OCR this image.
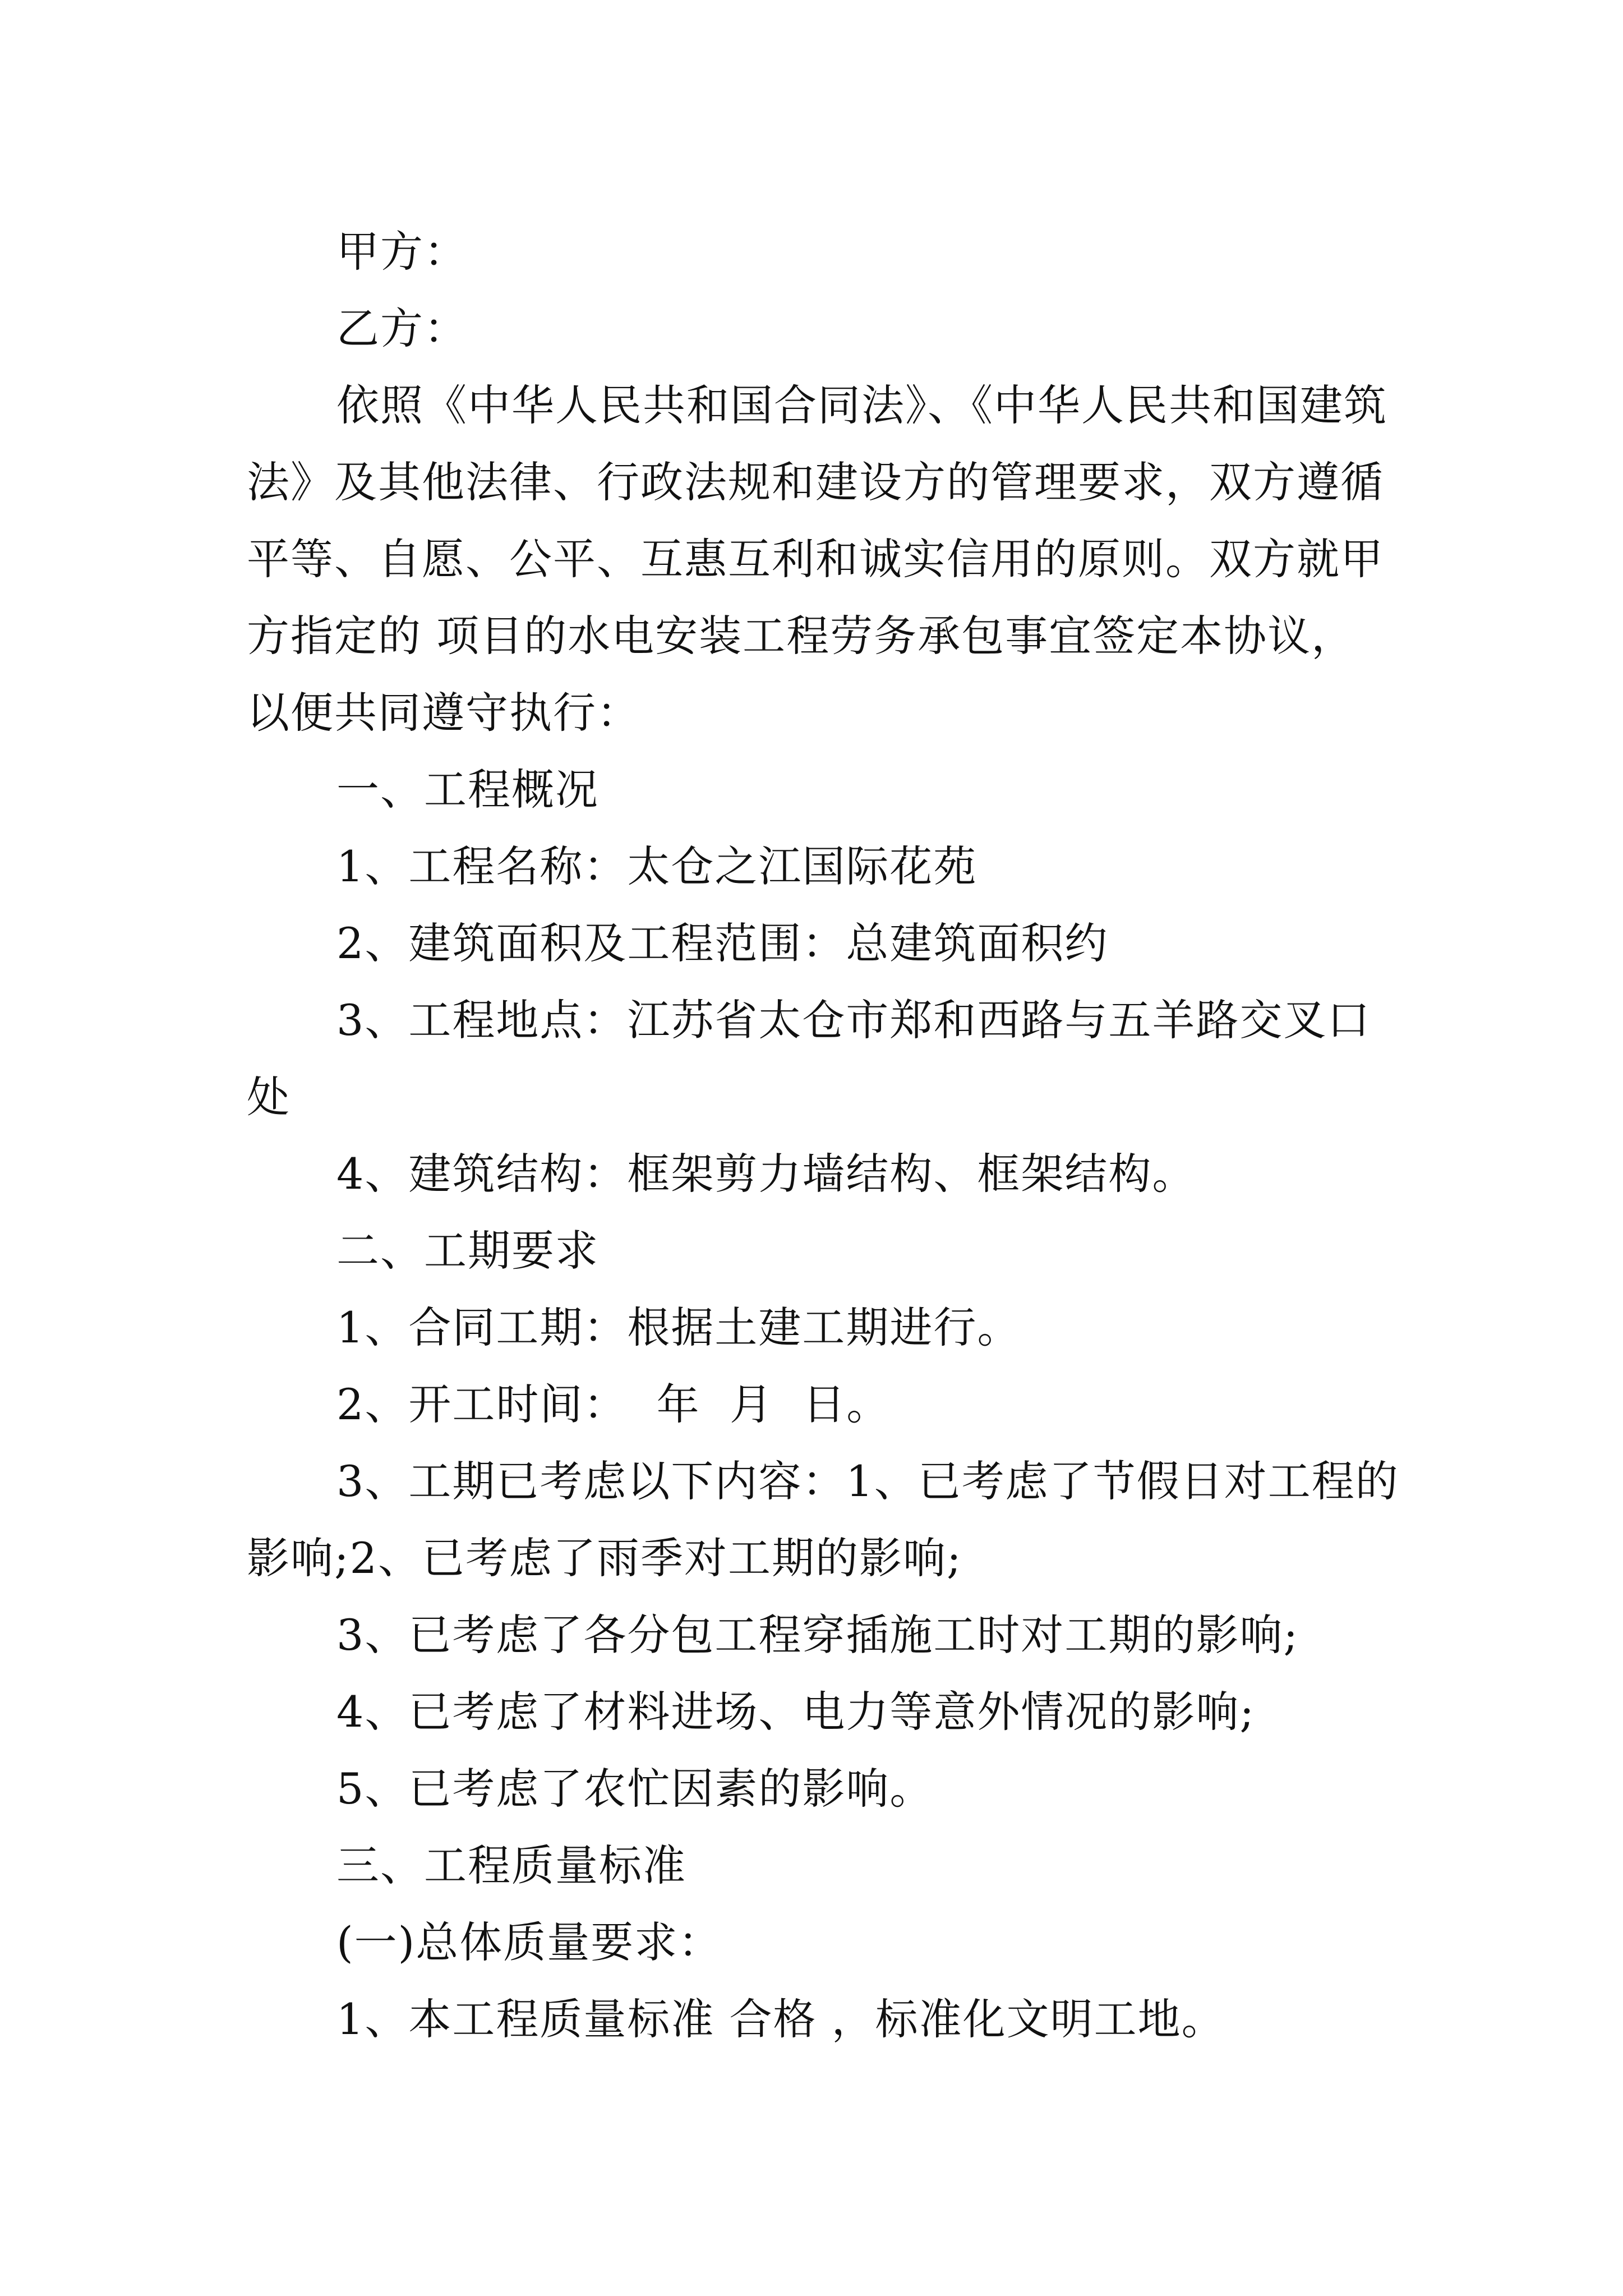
甲方：

乙方：

依照《中华人民共和国合同法》、《中华人民共和国建筑

法》及其他法律、行政法规和建设方的管理要求，双方遵循

平等、自愿、公平、互惠互利和诚实信用的原则。双方就甲

方指定的 项目的水电安装工程劳务承包事宜签定本协议，

以便共同遵守执行：

一、工程概况

1、工程名称：太仓之江国际花苑

2、建筑面积及工程范围：总建筑面积约

3、工程地点：江苏省太仓市郑和西路与五羊路交叉口

处

4、建筑结构：框架剪力墙结构、框架结构。

二、工期要求

1、合同工期：根据土建工期进行。

2、开工时间：  年  月  日。

3、工期已考虑以下内容：1、已考虑了节假日对工程的

影响;2、已考虑了雨季对工期的影响;

3、已考虑了各分包工程穿插施工时对工期的影响;

4、已考虑了材料进场、电力等意外情况的影响;

5、已考虑了农忙因素的影响。

三、工程质量标准

(一)总体质量要求：

1、本工程质量标准 合格 ，标准化文明工地。
